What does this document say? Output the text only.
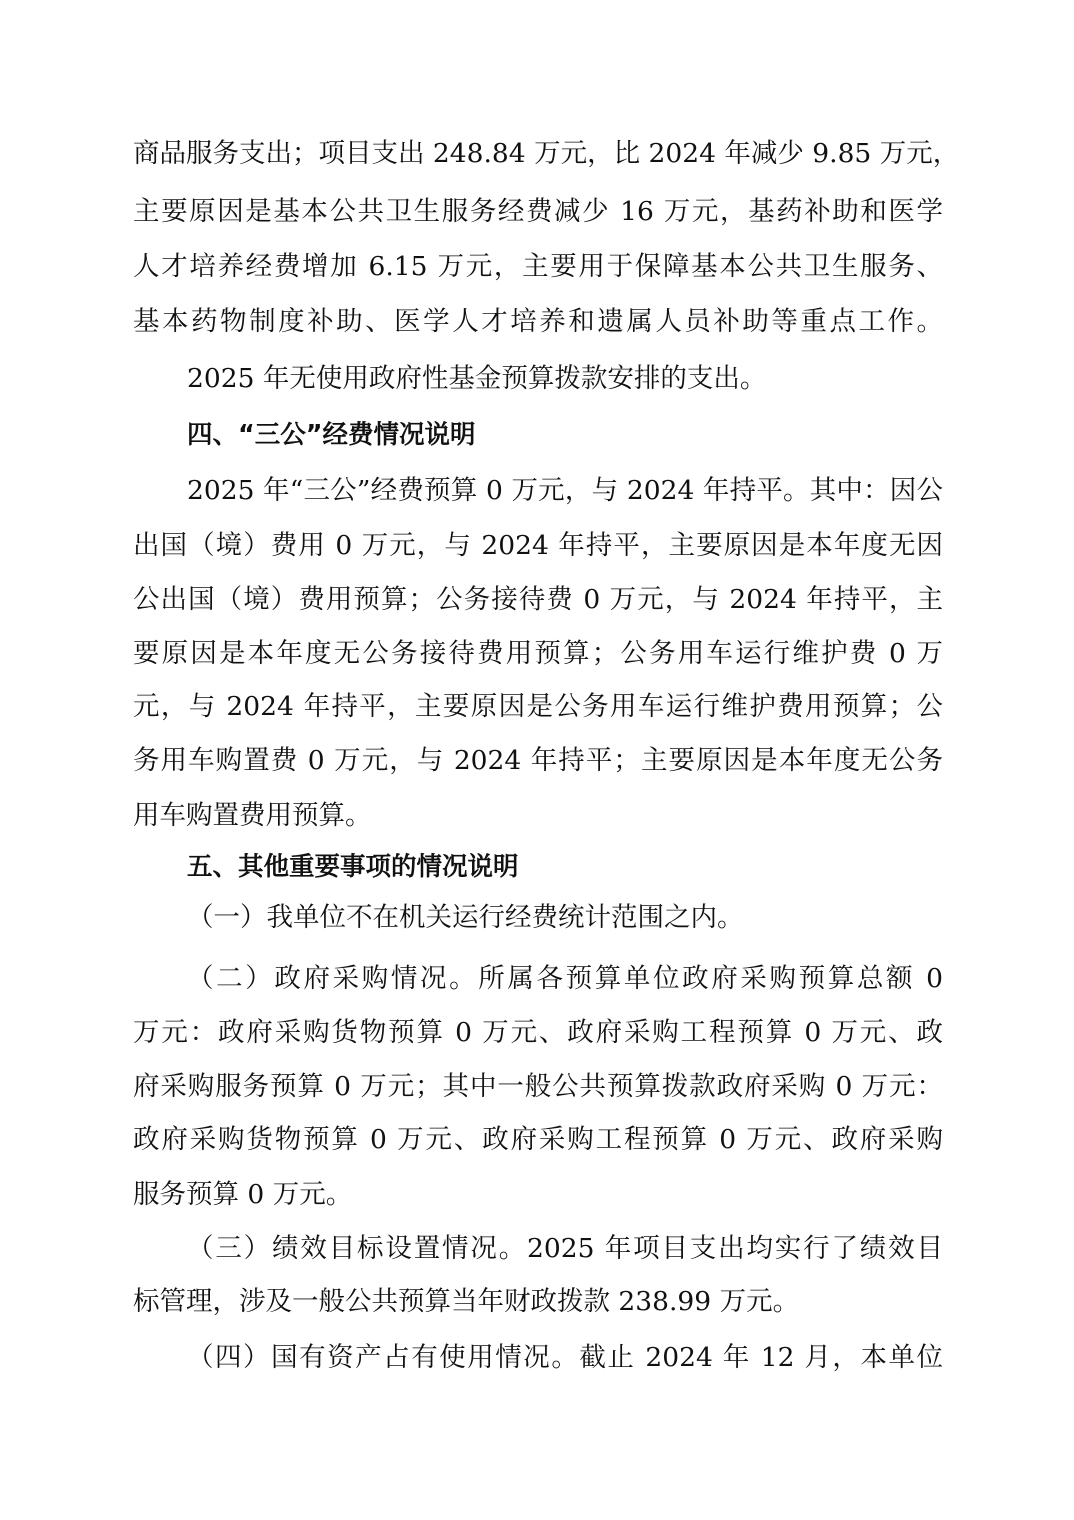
商品服务支出；项目支出 248.84 万元，比 2024 年减少 9.85 万元，
主要原因是基本公共卫生服务经费减少 16 万元，基药补助和医学
人才培养经费增加 6.15 万元，主要用于保障基本公共卫生服务、
基本药物制度补助、医学人才培养和遗属人员补助等重点工作。
2025 年无使用政府性基金预算拨款安排的支出。
四、“三公”经费情况说明
2025 年“三公”经费预算 0 万元，与 2024 年持平。其中：因公
出国（境）费用 0 万元，与 2024 年持平，主要原因是本年度无因
公出国（境）费用预算；公务接待费 0 万元，与 2024 年持平，主
要原因是本年度无公务接待费用预算；公务用车运行维护费 0 万
元，与 2024 年持平，主要原因是公务用车运行维护费用预算；公
务用车购置费 0 万元，与 2024 年持平；主要原因是本年度无公务
用车购置费用预算。
五、其他重要事项的情况说明
（一）我单位不在机关运行经费统计范围之内。
（二）政府采购情况。所属各预算单位政府采购预算总额 0
万元：政府采购货物预算 0 万元、政府采购工程预算 0 万元、政
府采购服务预算 0 万元；其中一般公共预算拨款政府采购 0 万元：
政府采购货物预算 0 万元、政府采购工程预算 0 万元、政府采购
服务预算 0 万元。
（三）绩效目标设置情况。2025 年项目支出均实行了绩效目
标管理，涉及一般公共预算当年财政拨款 238.99 万元。
（四）国有资产占有使用情况。截止 2024 年 12 月，本单位
